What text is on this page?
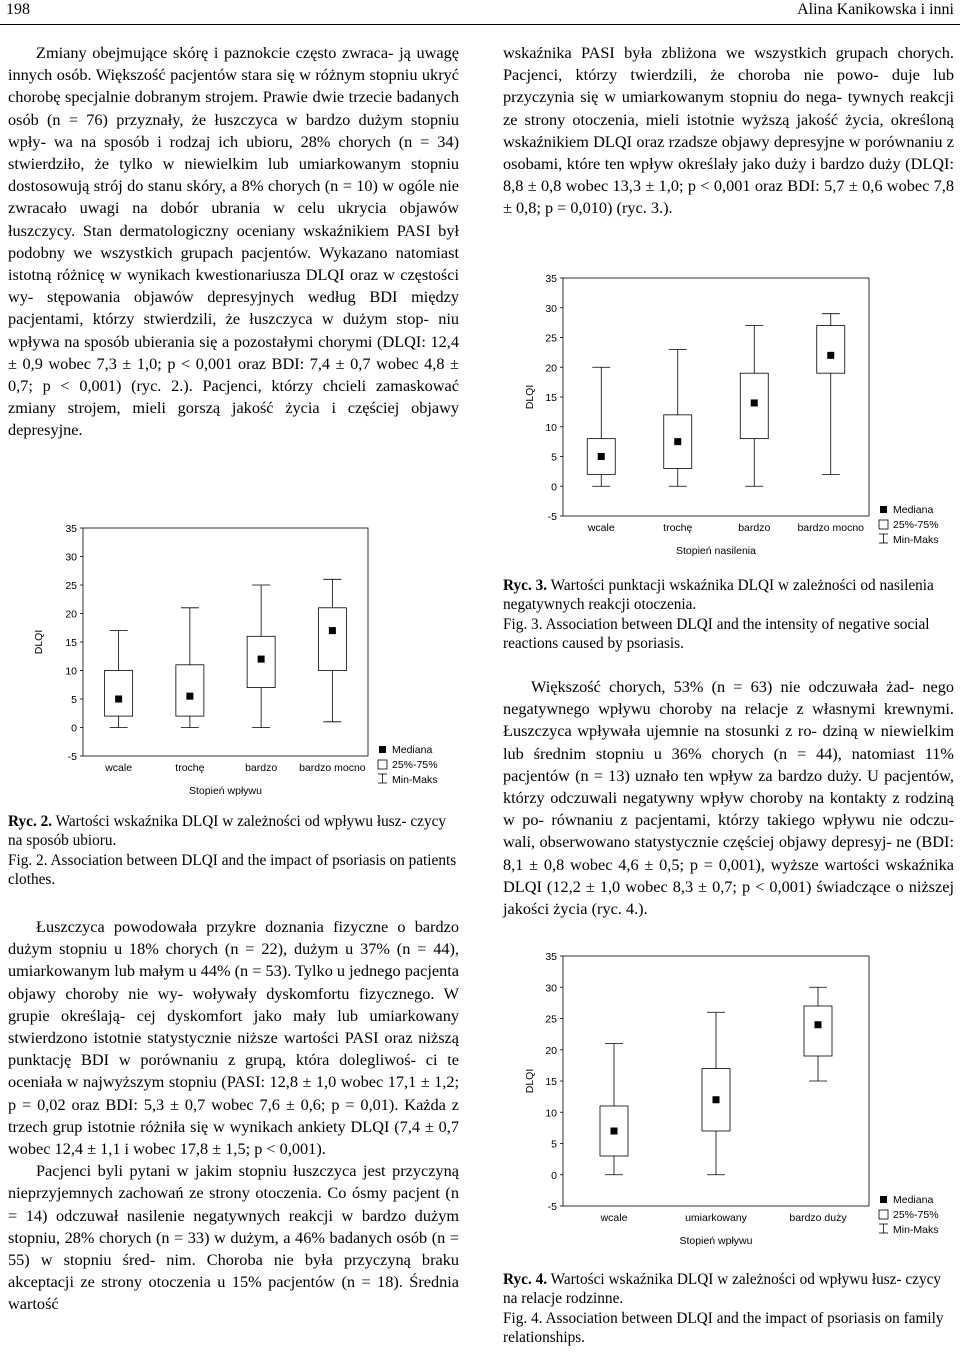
198	Alina Kanikowska i inni

Zmiany obejmujące skórę i paznokcie często zwraca- ją uwagę innych osób. Większość pacjentów stara się w różnym stopniu ukryć chorobę specjalnie dobranym strojem. Prawie dwie trzecie badanych osób (n = 76) przyznały, że łuszczyca w bardzo dużym stopniu wpły- wa na sposób i rodzaj ich ubioru, 28% chorych (n = 34) stwierdziło, że tylko w niewielkim lub umiarkowanym stopniu dostosowują strój do stanu skóry, a 8% chorych (n = 10) w ogóle nie zwracało uwagi na dobór ubrania w celu ukrycia objawów łuszczycy. Stan dermatologiczny oceniany wskaźnikiem PASI był podobny we wszystkich grupach pacjentów. Wykazano natomiast istotną różnicę w wynikach kwestionariusza DLQI oraz w częstości wy- stępowania objawów depresyjnych według BDI między pacjentami, którzy stwierdzili, że łuszczyca w dużym stop- niu wpływa na sposób ubierania się a pozostałymi chorymi (DLQI: 12,4 ± 0,9 wobec 7,3 ± 1,0; p < 0,001 oraz BDI: 7,4 ± 0,7 wobec 4,8 ± 0,7; p < 0,001) (ryc. 2.). Pacjenci, którzy chcieli zamaskować zmiany strojem, mieli gorszą jakość życia i częściej objawy depresyjne.

-5
0
5
10
15
20
25
30
35
DLQI
wcale	trochę	bardzo bardzo mocno
Stopień wpływu
Mediana
25%-75%
Min-Maks

Ryc. 2. Wartości wskaźnika DLQI w zależności od wpływu łusz- czycy na sposób ubioru.

Fig. 2. Association between DLQI and the impact of psoriasis on patients clothes.

Łuszczyca powodowała przykre doznania fizyczne o bardzo dużym stopniu u 18% chorych (n = 22), dużym u 37% (n = 44), umiarkowanym lub małym u 44% (n = 53). Tylko u jednego pacjenta objawy choroby nie wy- woływały dyskomfortu fizycznego. W grupie określają- cej dyskomfort jako mały lub umiarkowany stwierdzono istotnie statystycznie niższe wartości PASI oraz niższą punktację BDI w porównaniu z grupą, która dolegliwoś- ci te oceniała w najwyższym stopniu (PASI: 12,8 ± 1,0 wobec 17,1 ± 1,2; p = 0,02 oraz BDI: 5,3 ± 0,7 wobec 7,6 ± 0,6; p = 0,01). Każda z trzech grup istotnie różniła się w wynikach ankiety DLQI (7,4 ± 0,7 wobec 12,4 ± 1,1 i wobec 17,8 ± 1,5; p < 0,001).

Pacjenci byli pytani w jakim stopniu łuszczyca jest przyczyną nieprzyjemnych zachowań ze strony otoczenia. Co ósmy pacjent (n = 14) odczuwał nasilenie negatywnych reakcji w bardzo dużym stopniu, 28% chorych (n = 33) w dużym, a 46% badanych osób (n = 55) w stopniu śred- nim. Choroba nie była przyczyną braku akceptacji ze strony otoczenia u 15% pacjentów (n = 18). Średnia wartość

wskaźnika PASI była zbliżona we wszystkich grupach chorych. Pacjenci, którzy twierdzili, że choroba nie powo- duje lub przyczynia się w umiarkowanym stopniu do nega- tywnych reakcji ze strony otoczenia, mieli istotnie wyższą jakość życia, określoną wskaźnikiem DLQI oraz rzadsze objawy depresyjne w porównaniu z osobami, które ten wpływ określały jako duży i bardzo duży (DLQI: 8,8 ± 0,8 wobec 13,3 ± 1,0; p < 0,001 oraz BDI: 5,7 ± 0,6 wobec 7,8 ± 0,8; p = 0,010) (ryc. 3.).

-5
0
5
10
15
20
25
30
35
DLQI
wcale	trochę	bardzo	bardzo mocno
Stopień nasilenia
Mediana
25%-75%
Min-Maks

Ryc. 3. Wartości punktacji wskaźnika DLQI w zależności od nasilenia negatywnych reakcji otoczenia.

Fig. 3. Association between DLQI and the intensity of negative social reactions caused by psoriasis.

Większość chorych, 53% (n = 63) nie odczuwała żad- nego negatywnego wpływu choroby na relacje z własnymi krewnymi. Łuszczyca wpływała ujemnie na stosunki z ro- dziną w niewielkim lub średnim stopniu u 36% chorych (n = 44), natomiast 11% pacjentów (n = 13) uznało ten wpływ za bardzo duży. U pacjentów, którzy odczuwali negatywny wpływ choroby na kontakty z rodziną w po- równaniu z pacjentami, którzy takiego wpływu nie odczu- wali, obserwowano statystycznie częściej objawy depresyj- ne (BDI: 8,1 ± 0,8 wobec 4,6 ± 0,5; p = 0,001), wyższe wartości wskaźnika DLQI (12,2 ± 1,0 wobec 8,3 ± 0,7; p < 0,001) świadczące o niższej jakości życia (ryc. 4.).

-5
0
5
10
15
20
25
30
35
DLQI
wcale	umiarkowany	bardzo duży
Stopień wpływu
Mediana
25%-75%
Min-Maks

Ryc. 4. Wartości wskaźnika DLQI w zależności od wpływu łusz- czycy na relacje rodzinne.

Fig. 4. Association between DLQI and the impact of psoriasis on family relationships.
